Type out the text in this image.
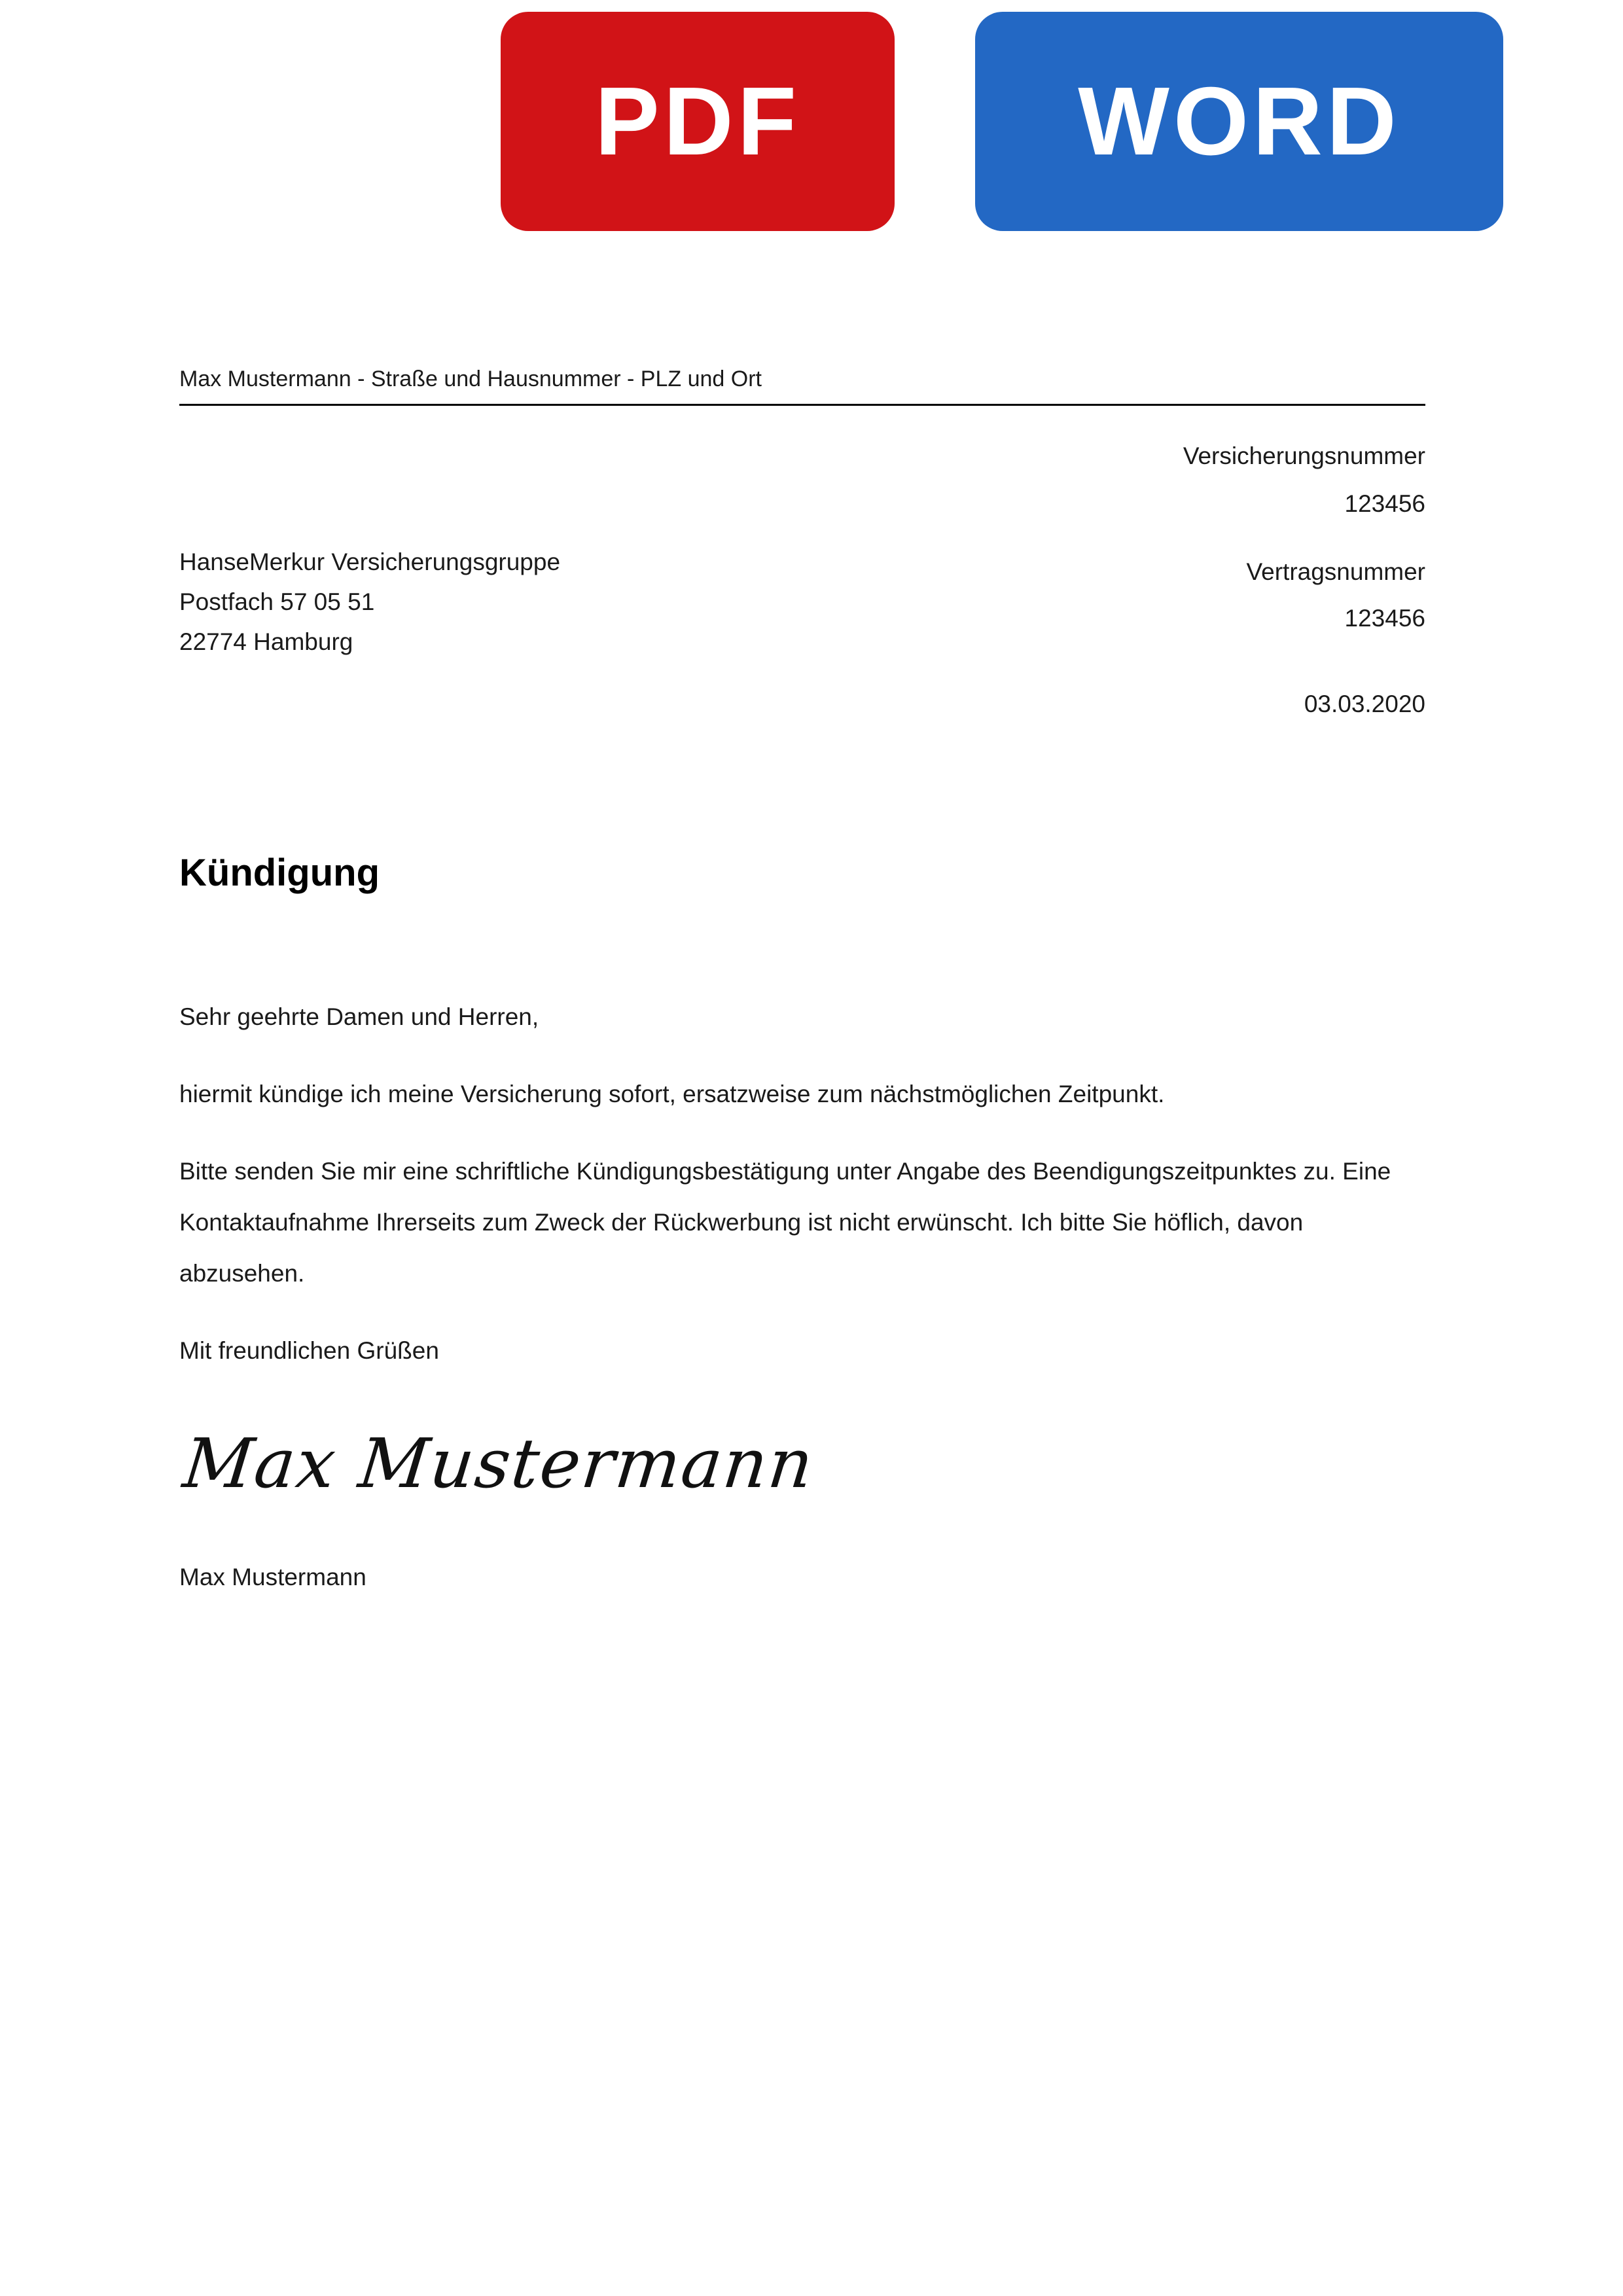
PDF	WORD
Max Mustermann - Straße und Hausnummer - PLZ und Ort
Versicherungsnummer
123456
HanseMerkur Versicherungsgruppe
Postfach 57 05 51
22774 Hamburg
Vertragsnummer
123456
03.03.2020
Kündigung

Sehr geehrte Damen und Herren,

hiermit kündige ich meine Versicherung sofort, ersatzweise zum nächstmöglichen Zeitpunkt.

Bitte senden Sie mir eine schriftliche Kündigungsbestätigung unter Angabe des Beendigungszeitpunktes zu. Eine Kontaktaufnahme Ihrerseits zum Zweck der Rückwerbung ist nicht erwünscht. Ich bitte Sie höflich, davon abzusehen.

Mit freundlichen Grüßen

Max Mustermann
Max Mustermann
